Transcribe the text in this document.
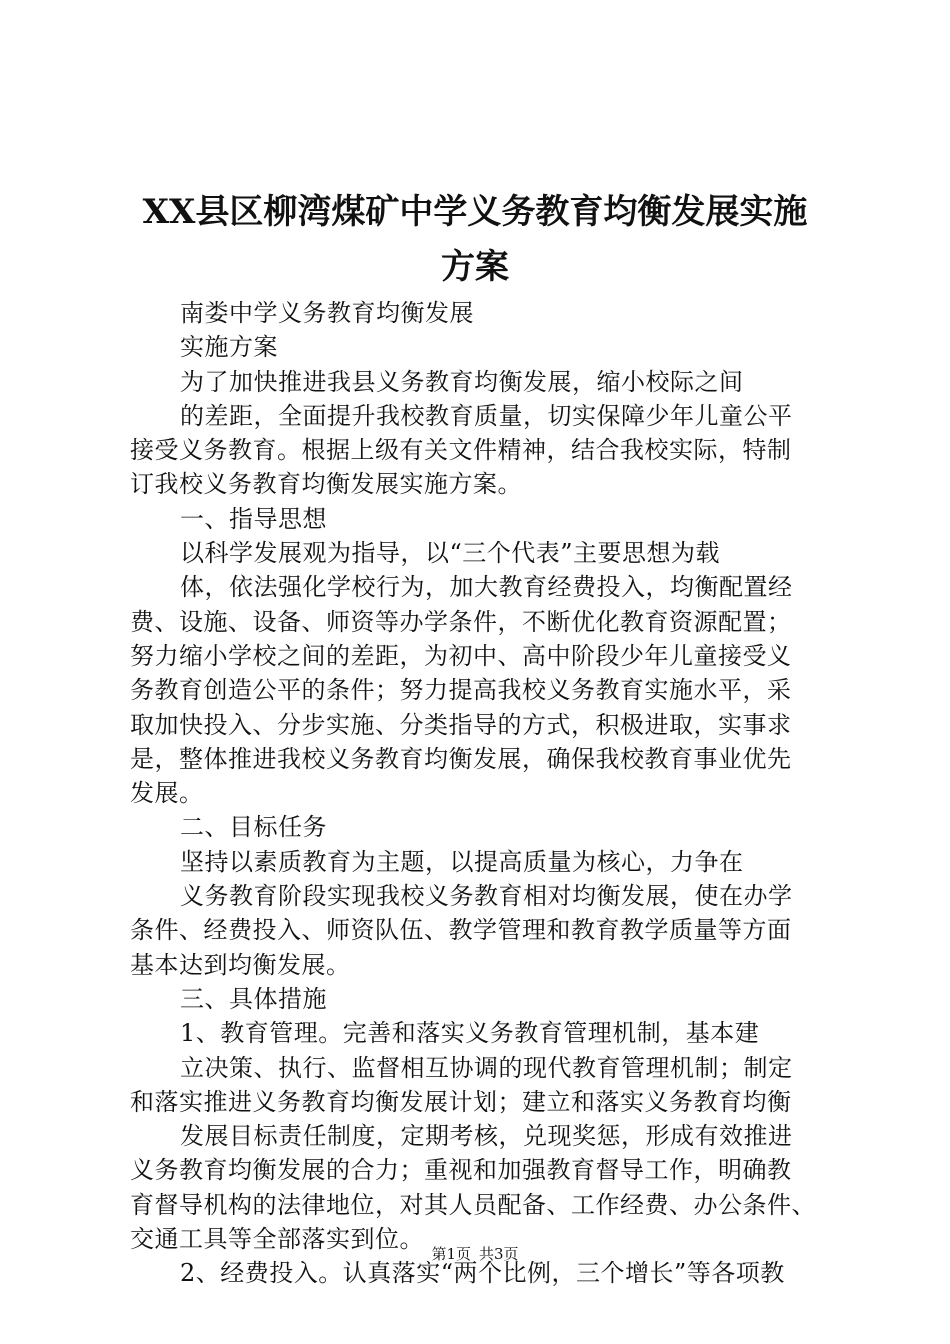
XX县区柳湾煤矿中学义务教育均衡发展实施
方案
南娄中学义务教育均衡发展
实施方案
为了加快推进我县义务教育均衡发展，缩小校际之间
的差距，全面提升我校教育质量，切实保障少年儿童公平
接受义务教育。根据上级有关文件精神，结合我校实际，特制
订我校义务教育均衡发展实施方案。
一、指导思想
以科学发展观为指导，以“三个代表”主要思想为载
体，依法强化学校行为，加大教育经费投入，均衡配置经
费、设施、设备、师资等办学条件，不断优化教育资源配置；
努力缩小学校之间的差距，为初中、高中阶段少年儿童接受义
务教育创造公平的条件；努力提高我校义务教育实施水平，采
取加快投入、分步实施、分类指导的方式，积极进取，实事求
是，整体推进我校义务教育均衡发展，确保我校教育事业优先
发展。
二、目标任务
坚持以素质教育为主题，以提高质量为核心，力争在
义务教育阶段实现我校义务教育相对均衡发展，使在办学
条件、经费投入、师资队伍、教学管理和教育教学质量等方面
基本达到均衡发展。
三、具体措施
1、教育管理。完善和落实义务教育管理机制，基本建
立决策、执行、监督相互协调的现代教育管理机制；制定
和落实推进义务教育均衡发展计划；建立和落实义务教育均衡
发展目标责任制度，定期考核，兑现奖惩，形成有效推进
义务教育均衡发展的合力；重视和加强教育督导工作，明确教
育督导机构的法律地位，对其人员配备、工作经费、办公条件、
交通工具等全部落实到位。
2、经费投入。认真落实“两个比例，三个增长”等各项教
第1页 共3页
